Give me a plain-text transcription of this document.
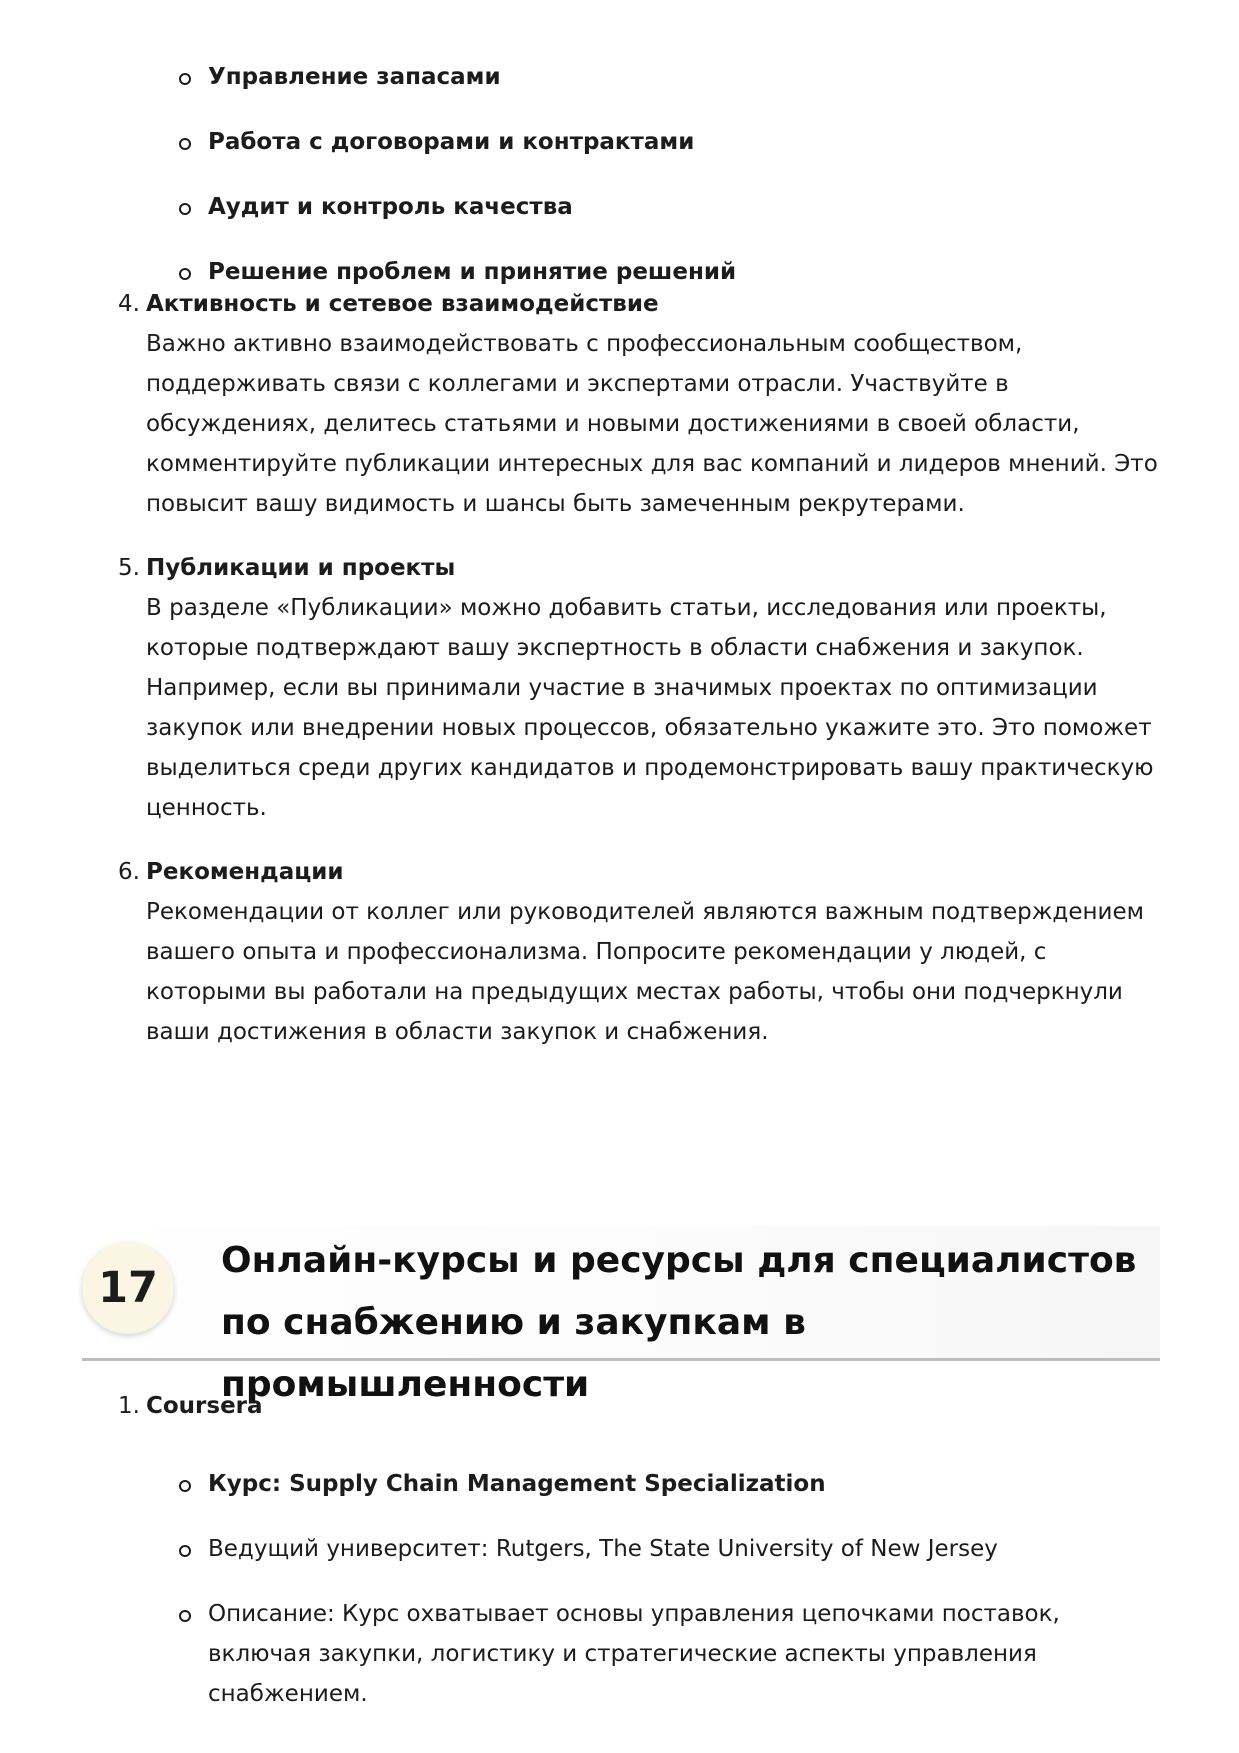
Управление запасами
Работа с договорами и контрактами
Аудит и контроль качества
Решение проблем и принятие решений
4. Активность и сетевое взаимодействие
Важно активно взаимодействовать с профессиональным сообществом, поддерживать связи с коллегами и экспертами отрасли. Участвуйте в обсуждениях, делитесь статьями и новыми достижениями в своей области, комментируйте публикации интересных для вас компаний и лидеров мнений. Это повысит вашу видимость и шансы быть замеченным рекрутерами.
5. Публикации и проекты
В разделе «Публикации» можно добавить статьи, исследования или проекты, которые подтверждают вашу экспертность в области снабжения и закупок. Например, если вы принимали участие в значимых проектах по оптимизации закупок или внедрении новых процессов, обязательно укажите это. Это поможет выделиться среди других кандидатов и продемонстрировать вашу практическую ценность.
6. Рекомендации
Рекомендации от коллег или руководителей являются важным подтверждением вашего опыта и профессионализма. Попросите рекомендации у людей, с которыми вы работали на предыдущих местах работы, чтобы они подчеркнули ваши достижения в области закупок и снабжения.
17
Онлайн-курсы и ресурсы для специалистов по снабжению и закупкам в промышленности
1. Coursera
Курс: Supply Chain Management Specialization
Ведущий университет: Rutgers, The State University of New Jersey
Описание: Курс охватывает основы управления цепочками поставок, включая закупки, логистику и стратегические аспекты управления снабжением.
